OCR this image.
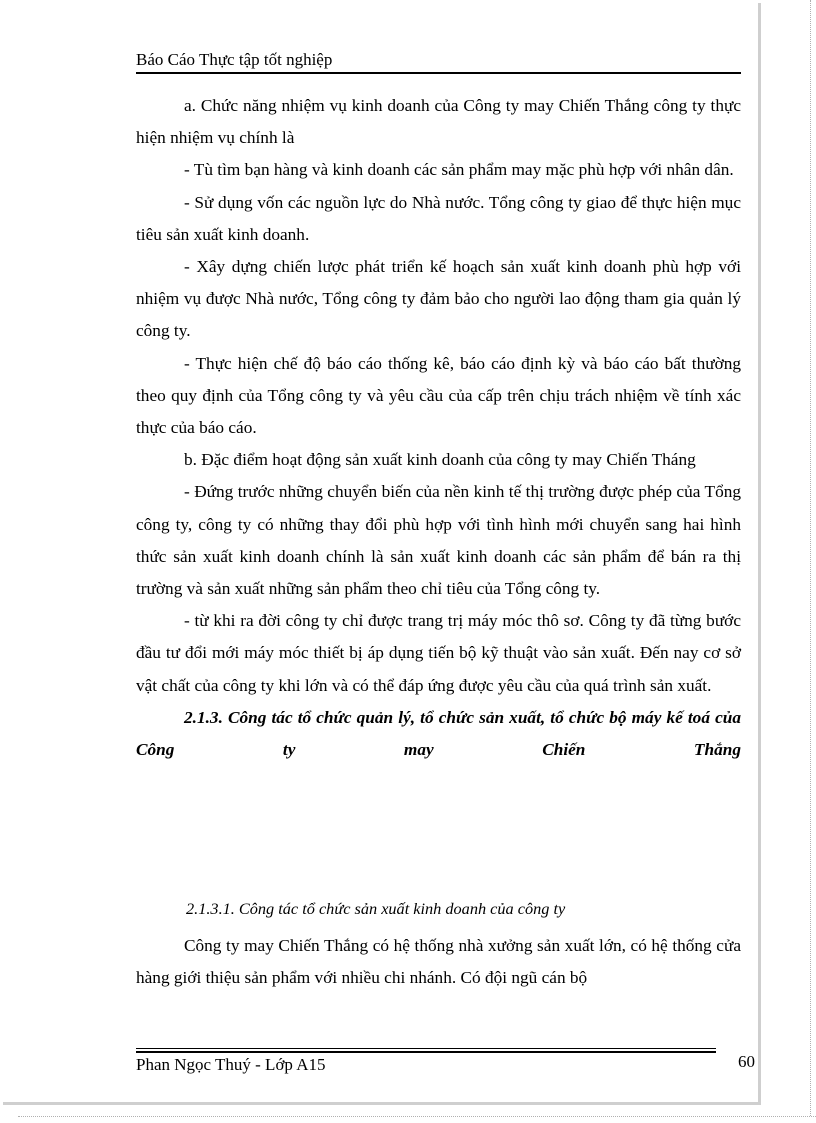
Báo Cáo Thực tập tốt nghiệp

a. Chức năng nhiệm vụ kinh doanh của Công ty may Chiến Thắng công ty thực hiện nhiệm vụ chính là

- Tù tìm bạn hàng và kinh doanh các sản phẩm may mặc phù hợp với nhân dân.

- Sử dụng vốn các nguồn lực do Nhà nước. Tổng công ty giao để thực hiện mục tiêu sản xuất kinh doanh.

- Xây dựng chiến lược phát triển kế hoạch sản xuất kinh doanh phù hợp với nhiệm vụ được Nhà nước, Tổng công ty đảm bảo cho người lao động tham gia quản lý công ty.

- Thực hiện chế độ báo cáo thống kê, báo cáo định kỳ và báo cáo bất thường theo quy định của Tổng công ty và yêu cầu của cấp trên chịu trách nhiệm về tính xác thực của báo cáo.

b. Đặc điểm hoạt động sản xuất kinh doanh của công ty may Chiến Tháng

- Đứng trước những chuyển biến của nền kinh tế thị trường được phép của Tổng công ty, công ty có những thay đổi phù hợp với tình hình mới chuyển sang hai hình thức sản xuất kinh doanh chính là sản xuất kinh doanh các sản phẩm để bán ra thị trường và sản xuất những sản phẩm theo chỉ tiêu của Tổng công ty.

- từ khi ra đời công ty chỉ được trang trị máy móc thô sơ. Công ty đã từng bước đầu tư đổi mới máy móc thiết bị áp dụng tiến bộ kỹ thuật vào sản xuất. Đến nay cơ sở vật chất của công ty khi lớn và có thể đáp ứng được yêu cầu của quá trình sản xuất.

2.1.3. Công tác tổ chức quản lý, tổ chức sản xuất, tổ chức bộ máy kế toá của Công ty may Chiến Thắng

2.1.3.1. Công tác tổ chức sản xuất kinh doanh của công ty

Công ty may Chiến Thắng có hệ thống nhà xưởng sản xuất lớn, có hệ thống cửa hàng giới thiệu sản phẩm với nhiều chi nhánh. Có đội ngũ cán bộ

Phan Ngọc Thuý - Lớp A15	60
